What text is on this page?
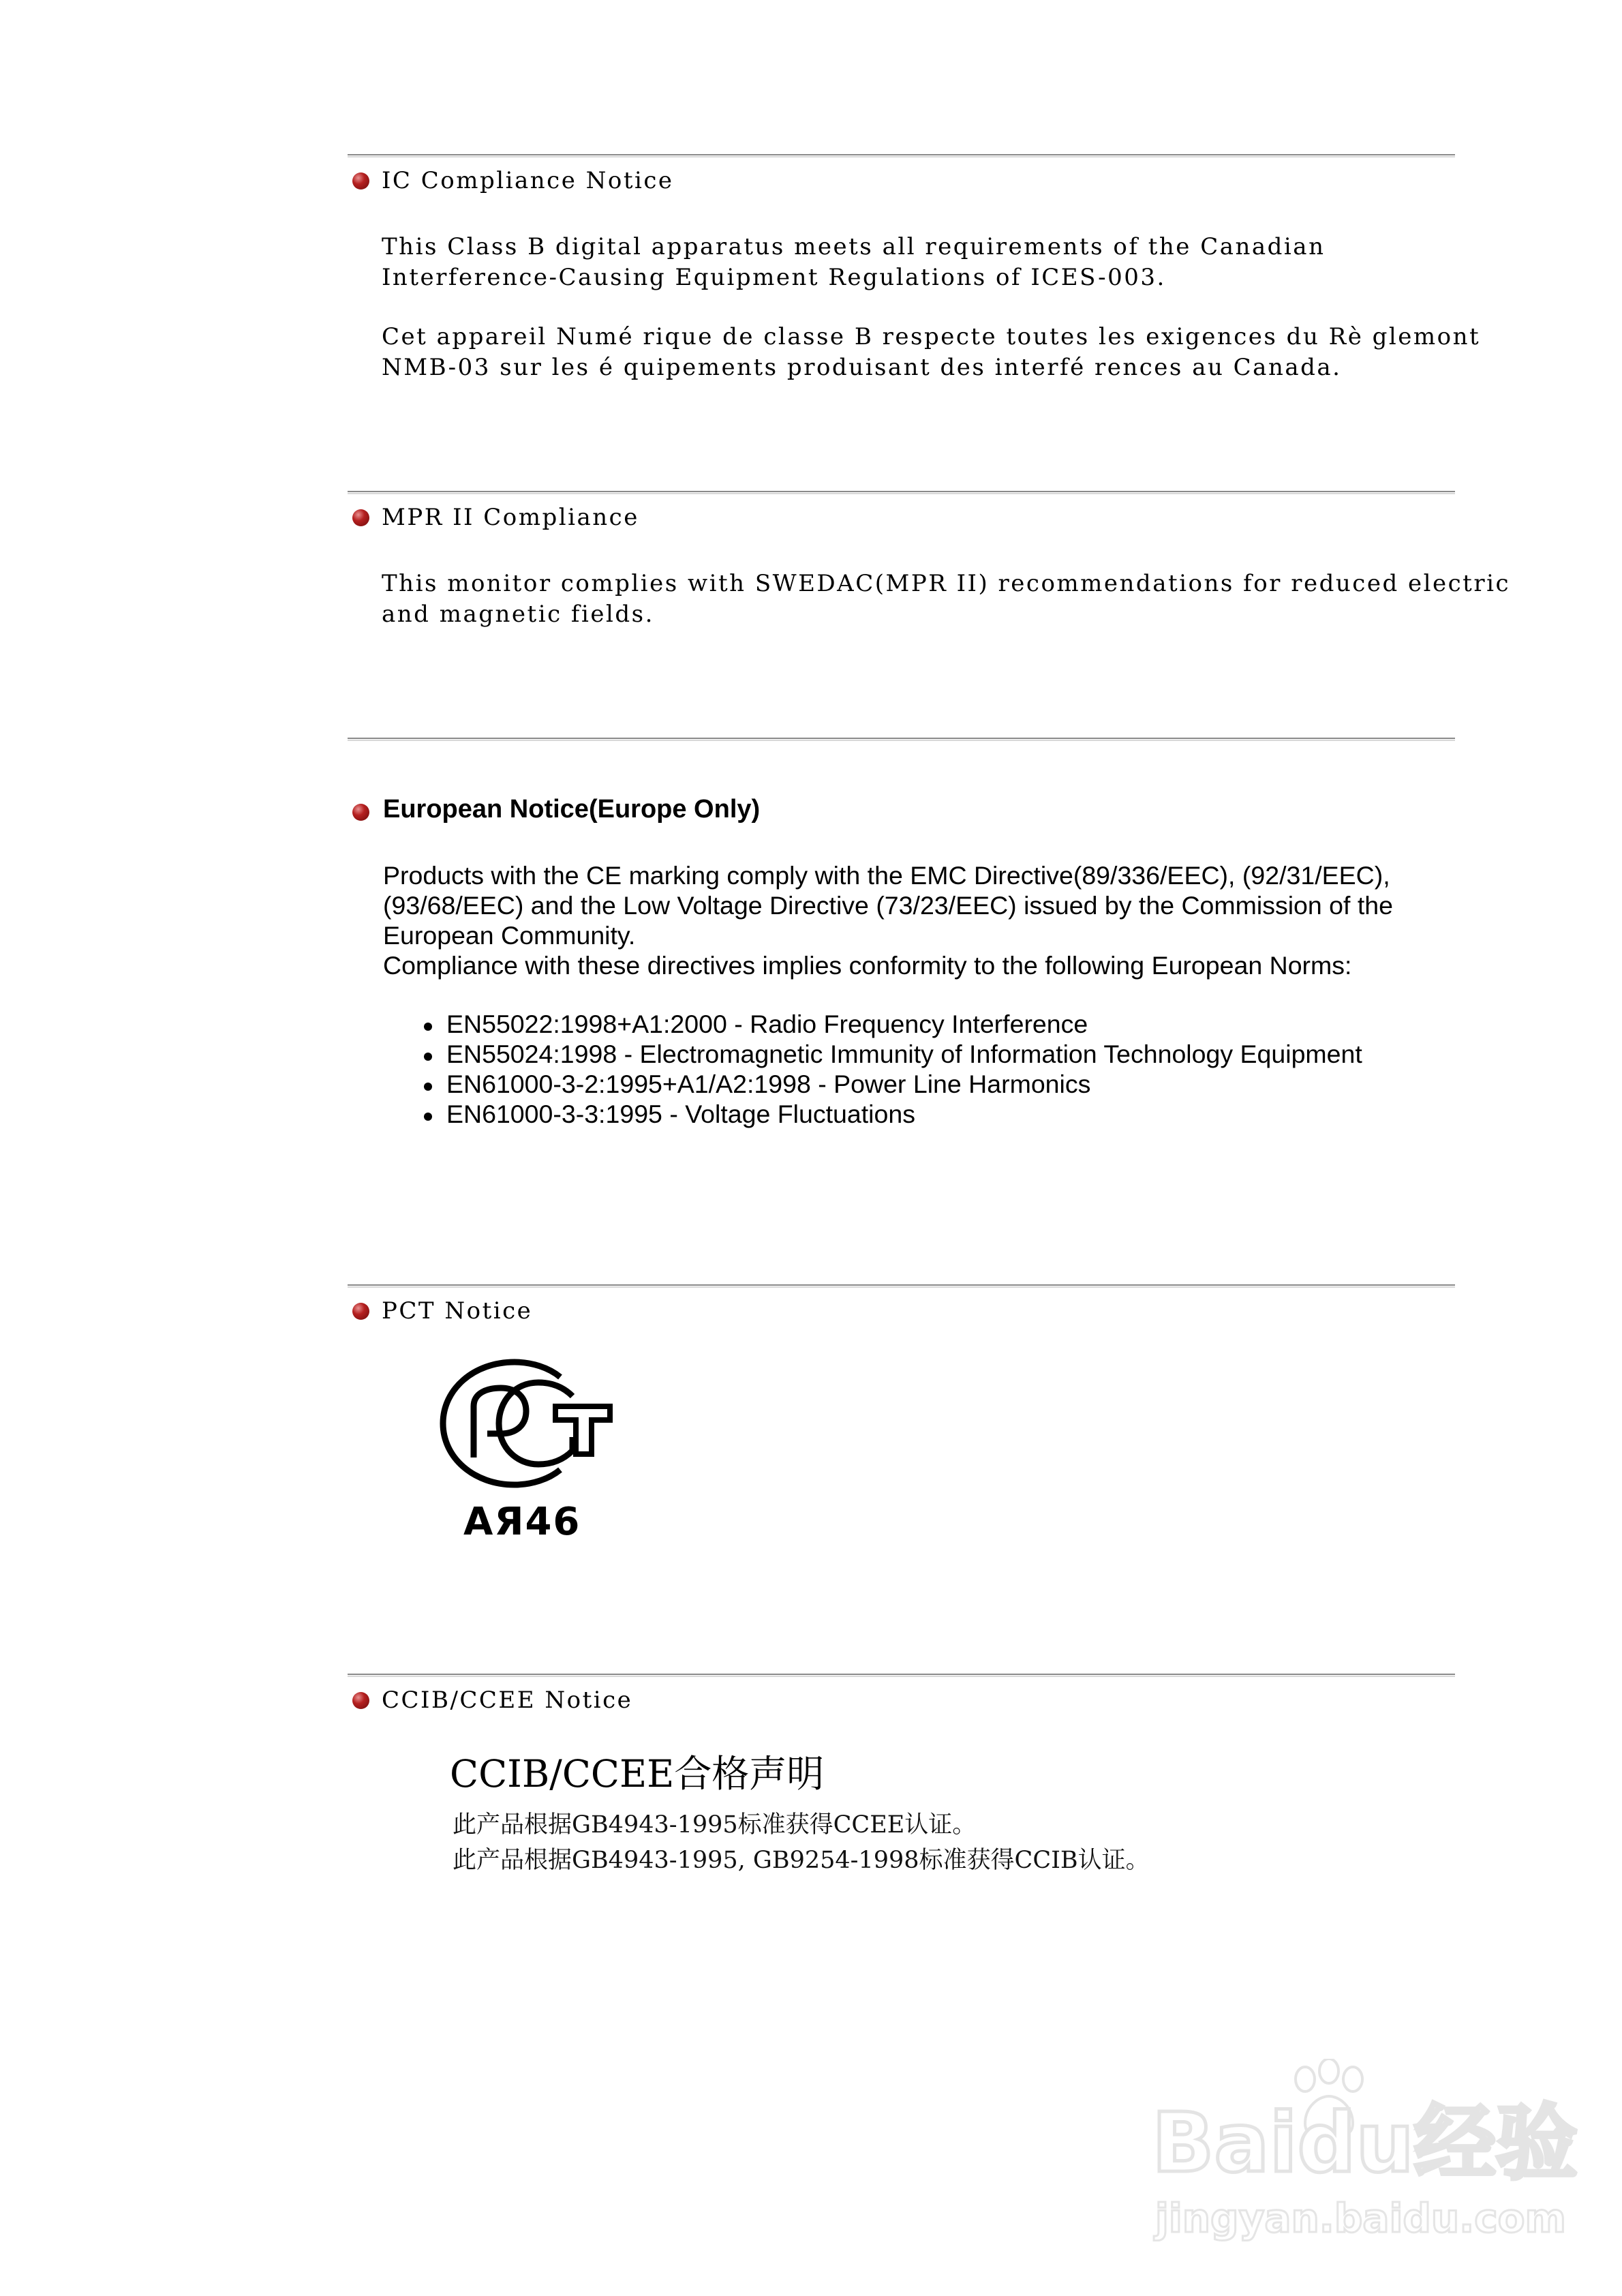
IC Compliance Notice
This Class B digital apparatus meets all requirements of the Canadian
Interference-Causing Equipment Regulations of ICES-003.
Cet appareil Numé rique de classe B respecte toutes les exigences du Rè glemont
NMB-03 sur les é quipements produisant des interfé rences au Canada.
MPR II Compliance
This monitor complies with SWEDAC(MPR II) recommendations for reduced electric
and magnetic fields.
European Notice(Europe Only)

Products with the CE marking comply with the EMC Directive(89/336/EEC), (92/31/EEC), (93/68/EEC) and the Low Voltage Directive (73/23/EEC) issued by the Commission of the European Community.

Compliance with these directives implies conformity to the following European Norms:

EN55022:1998+A1:2000 - Radio Frequency Interference
EN55024:1998 - Electromagnetic Immunity of Information Technology Equipment
EN61000-3-2:1995+A1/A2:1998 - Power Line Harmonics
EN61000-3-3:1995 - Voltage Fluctuations
PCT Notice
AЯ46
CCIB/CCEE Notice
CCIB/CCEE合格声明
此产品根据GB4943-1995标准获得CCEE认证。
此产品根据GB4943-1995, GB9254-1998标准获得CCIB认证。
Baidu经验
jingyan.baidu.com
